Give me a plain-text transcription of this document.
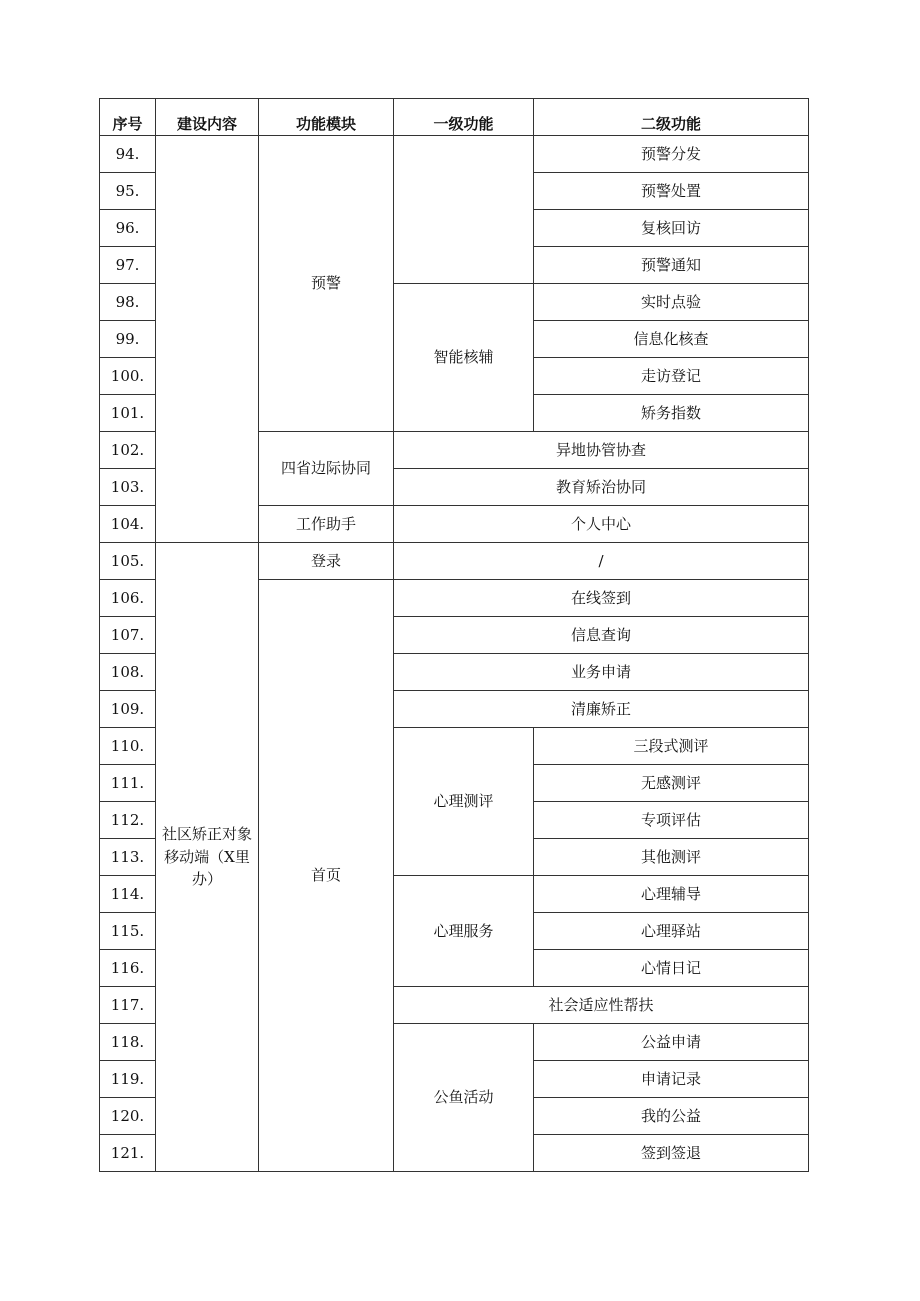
序号	建设内容	功能模块	一级功能	二级功能
94.		预警		预警分发
95.				预警处置
96.				复核回访
97.				预警通知
98.			智能核辅	实时点验
99.				信息化核查
100.				走访登记
101.				矫务指数
102.		四省边际协同	异地协管协查	
103.			教育矫治协同	
104.		工作助手	个人中心	
105.	社区矫正对象移动端（X里办）	登录	/	
106.		首页	在线签到	
107.			信息查询	
108.			业务申请	
109.			清廉矫正	
110.			心理测评	三段式测评
111.				无感测评
112.				专项评估
113.				其他测评
114.			心理服务	心理辅导
115.				心理驿站
116.				心情日记
117.			社会适应性帮扶	
118.			公鱼活动	公益申请
119.				申请记录
120.				我的公益
121.				签到签退
